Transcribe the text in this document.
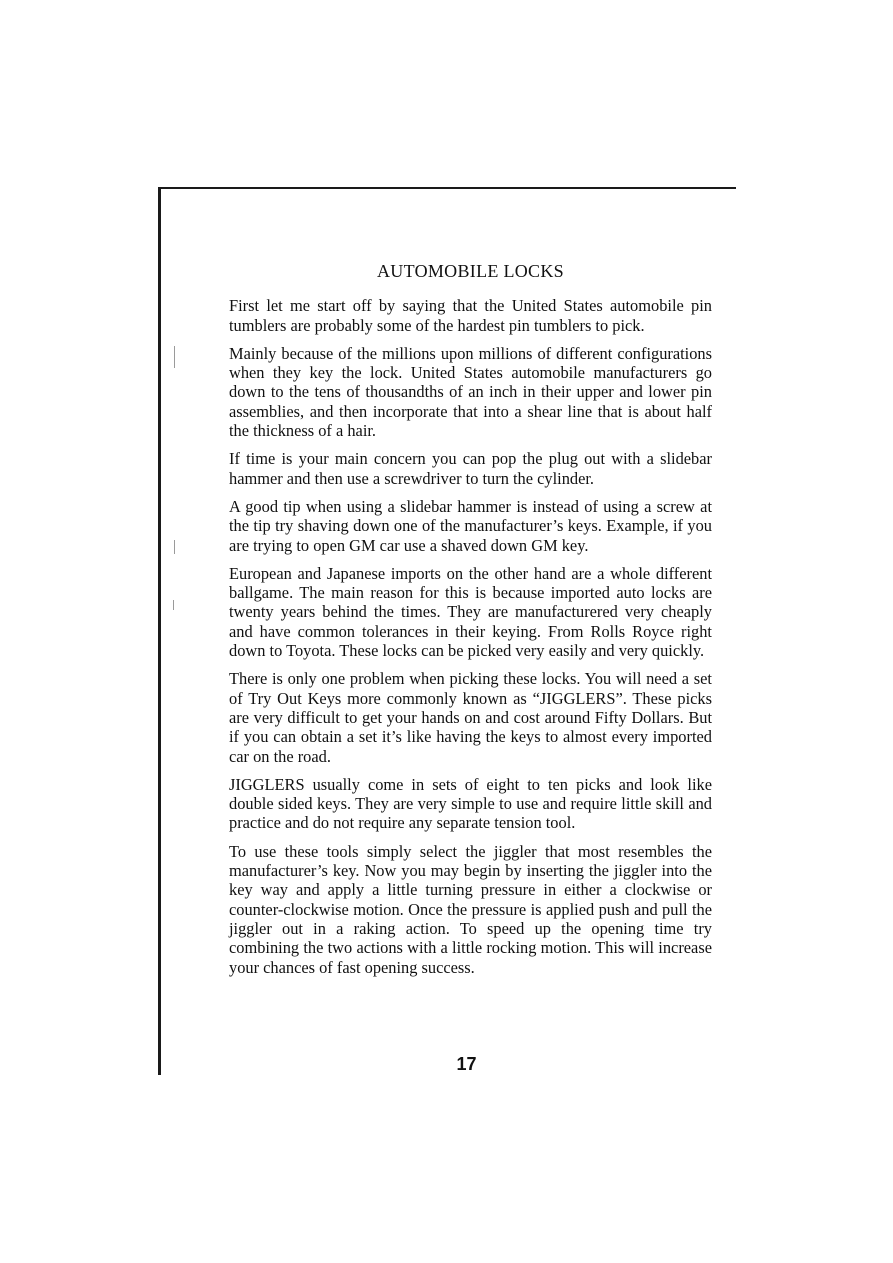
AUTOMOBILE LOCKS

First let me start off by saying that the United States automobile pin tumblers are probably some of the hardest pin tumblers to pick.

Mainly because of the millions upon millions of different configurations when they key the lock. United States automobile manufacturers go down to the tens of thousandths of an inch in their upper and lower pin assemblies, and then incorporate that into a shear line that is about half the thickness of a hair.

If time is your main concern you can pop the plug out with a slidebar hammer and then use a screwdriver to turn the cylinder.

A good tip when using a slidebar hammer is instead of using a screw at the tip try shaving down one of the manufacturer’s keys. Example, if you are trying to open GM car use a shaved down GM key.

European and Japanese imports on the other hand are a whole different ballgame. The main reason for this is because imported auto locks are twenty years behind the times. They are manufacturered very cheaply and have common tolerances in their keying. From Rolls Royce right down to Toyota. These locks can be picked very easily and very quickly.

There is only one problem when picking these locks. You will need a set of Try Out Keys more commonly known as “JIGGLERS”. These picks are very difficult to get your hands on and cost around Fifty Dollars. But if you can obtain a set it’s like having the keys to almost every imported car on the road.

JIGGLERS usually come in sets of eight to ten picks and look like double sided keys. They are very simple to use and require little skill and practice and do not require any separate tension tool.

To use these tools simply select the jiggler that most resembles the manufacturer’s key. Now you may begin by inserting the jiggler into the key way and apply a little turning pressure in either a clockwise or counter-clockwise motion. Once the pressure is applied push and pull the jiggler out in a raking action. To speed up the opening time try combining the two actions with a little rocking motion. This will increase your chances of fast opening success.

17
